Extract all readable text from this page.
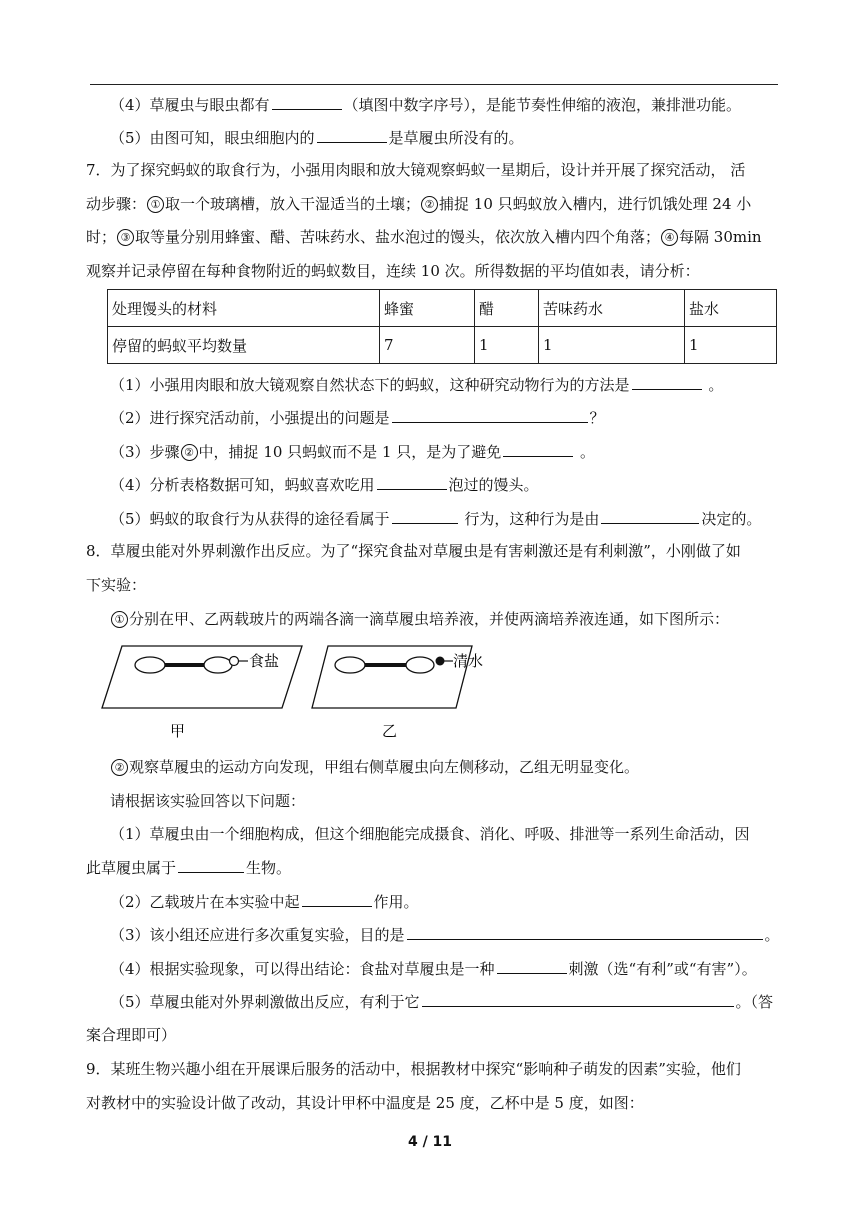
（4）草履虫与眼虫都有	（填图中数字序号），是能节奏性伸缩的液泡，兼排泄功能。
（5）由图可知，眼虫细胞内的	是草履虫所没有的。
7．为了探究蚂蚁的取食行为，小强用肉眼和放大镜观察蚂蚁一星期后，设计并开展了探究活动， 活
动步骤： ① 取一个玻璃槽，放入干湿适当的土壤； ② 捕捉 10 只蚂蚁放入槽内，进行饥饿处理 24 小
时； ③ 取等量分别用蜂蜜、醋、苦味药水、盐水泡过的馒头，依次放入槽内四个角落； ④ 每隔 30min
观察并记录停留在每种食物附近的蚂蚁数目，连续 10 次。所得数据的平均值如表，请分析：
处理馒头的材料	蜂蜜	醋	苦味药水	盐水
停留的蚂蚁平均数量	7	1	1	1
（1）小强用肉眼和放大镜观察自然状态下的蚂蚁，这种研究动物行为的方法是	。
（2）进行探究活动前，小强提出的问题是	？
（3）步骤 ② 中，捕捉 10 只蚂蚁而不是 1 只，是为了避免	。
（4）分析表格数据可知，蚂蚁喜欢吃用	泡过的馒头。
（5）蚂蚁的取食行为从获得的途径看属于	行为，这种行为是由	决定的。
8．草履虫能对外界刺激作出反应。为了“探究食盐对草履虫是有害刺激还是有利刺激”，小刚做了如
下实验：
① 分别在甲、乙两载玻片的两端各滴一滴草履虫培养液，并使两滴培养液连通，如下图所示：
食盐
甲
清水
乙
② 观察草履虫的运动方向发现，甲组右侧草履虫向左侧移动，乙组无明显变化。
请根据该实验回答以下问题：
（1）草履虫由一个细胞构成，但这个细胞能完成摄食、消化、呼吸、排泄等一系列生命活动，因
此草履虫属于	生物。
（2）乙载玻片在本实验中起	作用。
（3）该小组还应进行多次重复实验，目的是	。
（4）根据实验现象，可以得出结论：食盐对草履虫是一种	刺激（选“有利”或“有害”）。
（5）草履虫能对外界刺激做出反应，有利于它	。（答
案合理即可）
9．某班生物兴趣小组在开展课后服务的活动中，根据教材中探究“影响种子萌发的因素”实验，他们
对教材中的实验设计做了改动，其设计甲杯中温度是 25 度，乙杯中是 5 度，如图：
4 / 11
